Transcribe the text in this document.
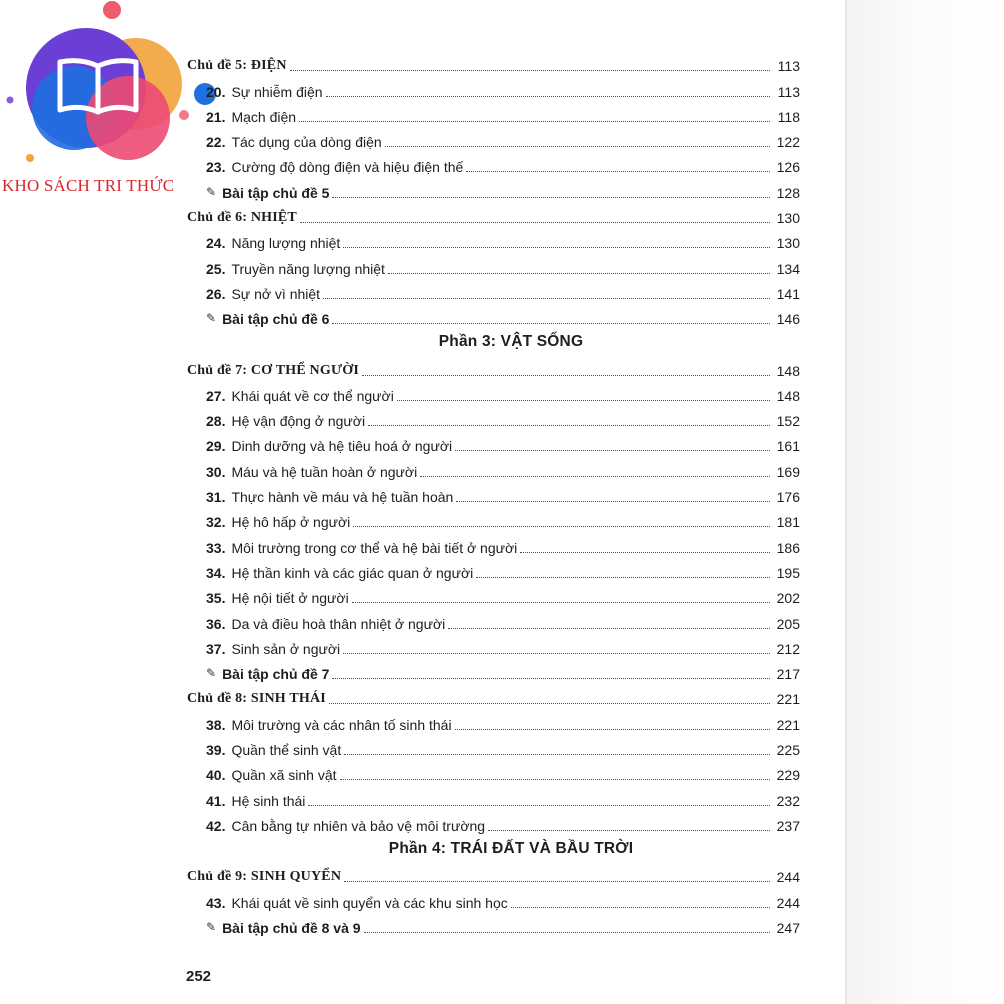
KHO SÁCH TRI THỨC
Chủ đề 5: ĐIỆN	113
20. Sự nhiễm điện	113
21. Mạch điện	118
22. Tác dụng của dòng điện	122
23. Cường độ dòng điện và hiệu điện thế	126
✎ Bài tập chủ đề 5	128
Chủ đề 6: NHIỆT	130
24. Năng lượng nhiệt	130
25. Truyền năng lượng nhiệt	134
26. Sự nở vì nhiệt	141
✎ Bài tập chủ đề 6	146
Phần 3: VẬT SỐNG
Chủ đề 7: CƠ THỂ NGƯỜI	148
27. Khái quát về cơ thể người	148
28. Hệ vận động ở người	152
29. Dinh dưỡng và hệ tiêu hoá ở người	161
30. Máu và hệ tuần hoàn ở người	169
31. Thực hành về máu và hệ tuần hoàn	176
32. Hệ hô hấp ở người	181
33. Môi trường trong cơ thể và hệ bài tiết ở người	186
34. Hệ thần kinh và các giác quan ở người	195
35. Hệ nội tiết ở người	202
36. Da và điều hoà thân nhiệt ở người	205
37. Sinh sản ở người	212
✎ Bài tập chủ đề 7	217
Chủ đề 8: SINH THÁI	221
38. Môi trường và các nhân tố sinh thái	221
39. Quần thể sinh vật	225
40. Quần xã sinh vật	229
41. Hệ sinh thái	232
42. Cân bằng tự nhiên và bảo vệ môi trường	237
Phần 4: TRÁI ĐẤT VÀ BẦU TRỜI
Chủ đề 9: SINH QUYỂN	244
43. Khái quát về sinh quyển và các khu sinh học	244
✎ Bài tập chủ đề 8 và 9	247
252
